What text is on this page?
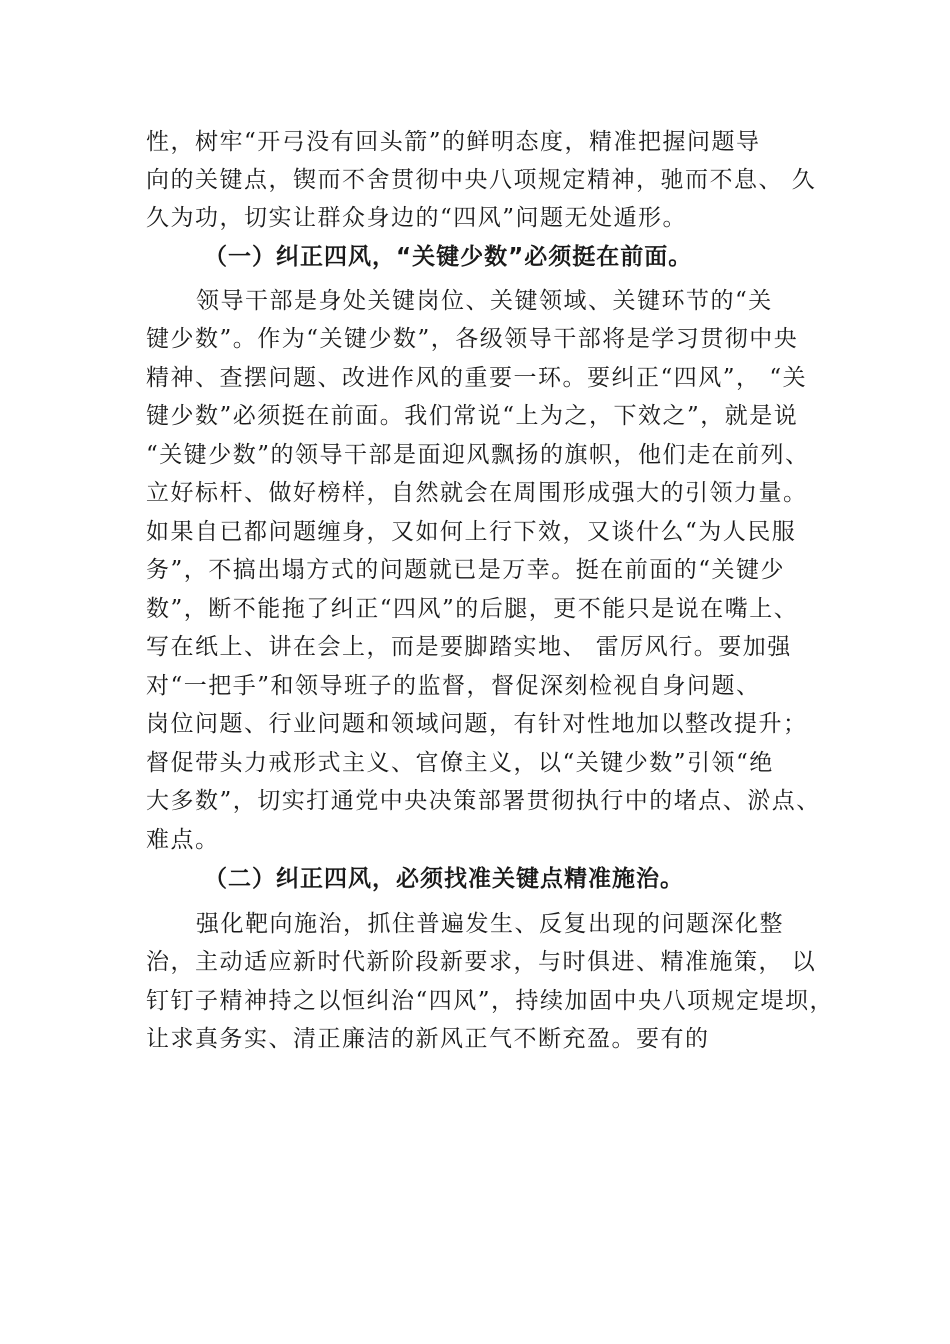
性，树牢“开弓没有回头箭”的鲜明态度，精准把握问题导
向的关键点，锲而不舍贯彻中央八项规定精神，驰而不息、 久
久为功，切实让群众身边的“四风”问题无处遁形。
（一）纠正四风，“关键少数”必须挺在前面。
领导干部是身处关键岗位、关键领域、关键环节的“关
键少数”。作为“关键少数”，各级领导干部将是学习贯彻中央
精神、查摆问题、改进作风的重要一环。要纠正“四风”， “关
键少数”必须挺在前面。我们常说“上为之，下效之”，就是说
“关键少数”的领导干部是面迎风飘扬的旗帜，他们走在前列、
立好标杆、做好榜样，自然就会在周围形成强大的引领力量。
如果自已都问题缠身，又如何上行下效，又谈什么“为人民服
务”，不搞出塌方式的问题就已是万幸。挺在前面的“关键少
数”，断不能拖了纠正“四风”的后腿，更不能只是说在嘴上、
写在纸上、讲在会上，而是要脚踏实地、 雷厉风行。要加强
对“一把手”和领导班子的监督，督促深刻检视自身问题、
岗位问题、行业问题和领域问题，有针对性地加以整改提升；
督促带头力戒形式主义、官僚主义，以“关键少数”引领“绝
大多数”，切实打通党中央决策部署贯彻执行中的堵点、淤点、
难点。
（二）纠正四风，必须找准关键点精准施治。
强化靶向施治，抓住普遍发生、反复出现的问题深化整
治，主动适应新时代新阶段新要求，与时俱进、精准施策， 以
钉钉子精神持之以恒纠治“四风”，持续加固中央八项规定堤坝，
让求真务实、清正廉洁的新风正气不断充盈。要有的
